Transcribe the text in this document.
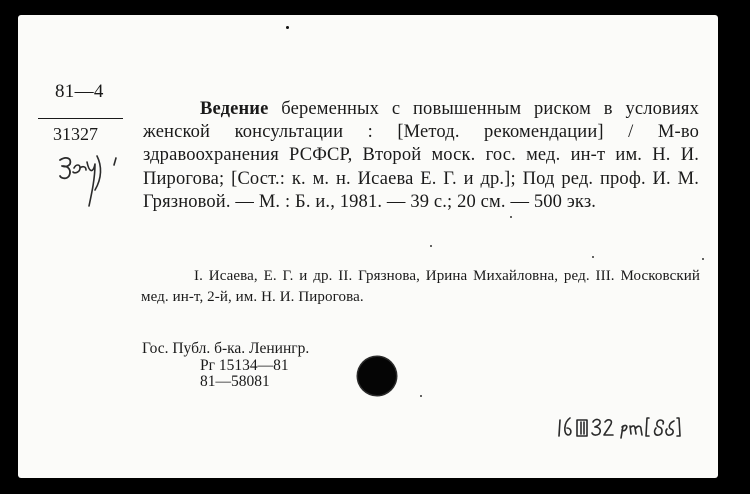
81—4
31327
Ведение беременных с повышенным риском в условиях женской консультации : [Метод. рекомендации] / М-во здравоохранения РСФСР, Второй моск. гос. мед. ин-т им. Н. И. Пирогова; [Сост.: к. м. н. Исаева Е. Г. и др.]; Под ред. проф. И. М. Грязновой. — М. : Б. и., 1981. — 39 с.; 20 см. — 500 экз.
I. Исаева, Е. Г. и др. II. Грязнова, Ирина Михайловна, ред. III. Московский мед. ин-т, 2-й, им. Н. И. Пирогова.
Гос. Публ. б-ка. Ленингр.
Рг 15134—81
81—58081
